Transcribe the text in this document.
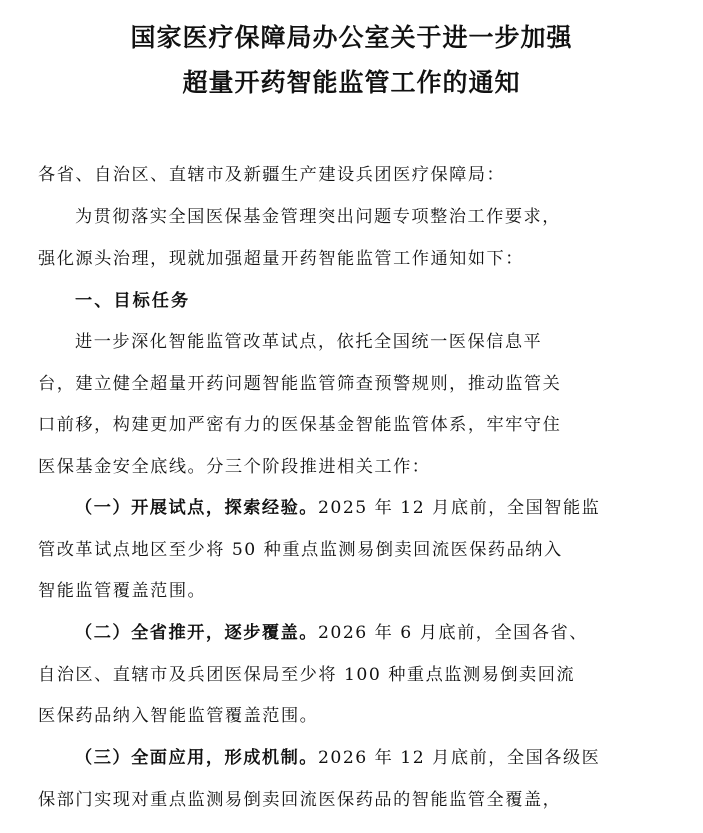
国家医疗保障局办公室关于进一步加强
超量开药智能监管工作的通知
各省、自治区、直辖市及新疆生产建设兵团医疗保障局：
为贯彻落实全国医保基金管理突出问题专项整治工作要求，
强化源头治理，现就加强超量开药智能监管工作通知如下：
一、目标任务
进一步深化智能监管改革试点，依托全国统一医保信息平
台，建立健全超量开药问题智能监管筛查预警规则，推动监管关
口前移，构建更加严密有力的医保基金智能监管体系，牢牢守住
医保基金安全底线。分三个阶段推进相关工作：
（一）开展试点，探索经验。2025 年 12 月底前，全国智能监
管改革试点地区至少将 50 种重点监测易倒卖回流医保药品纳入
智能监管覆盖范围。
（二）全省推开，逐步覆盖。2026 年 6 月底前，全国各省、
自治区、直辖市及兵团医保局至少将 100 种重点监测易倒卖回流
医保药品纳入智能监管覆盖范围。
（三）全面应用，形成机制。2026 年 12 月底前，全国各级医
保部门实现对重点监测易倒卖回流医保药品的智能监管全覆盖，
